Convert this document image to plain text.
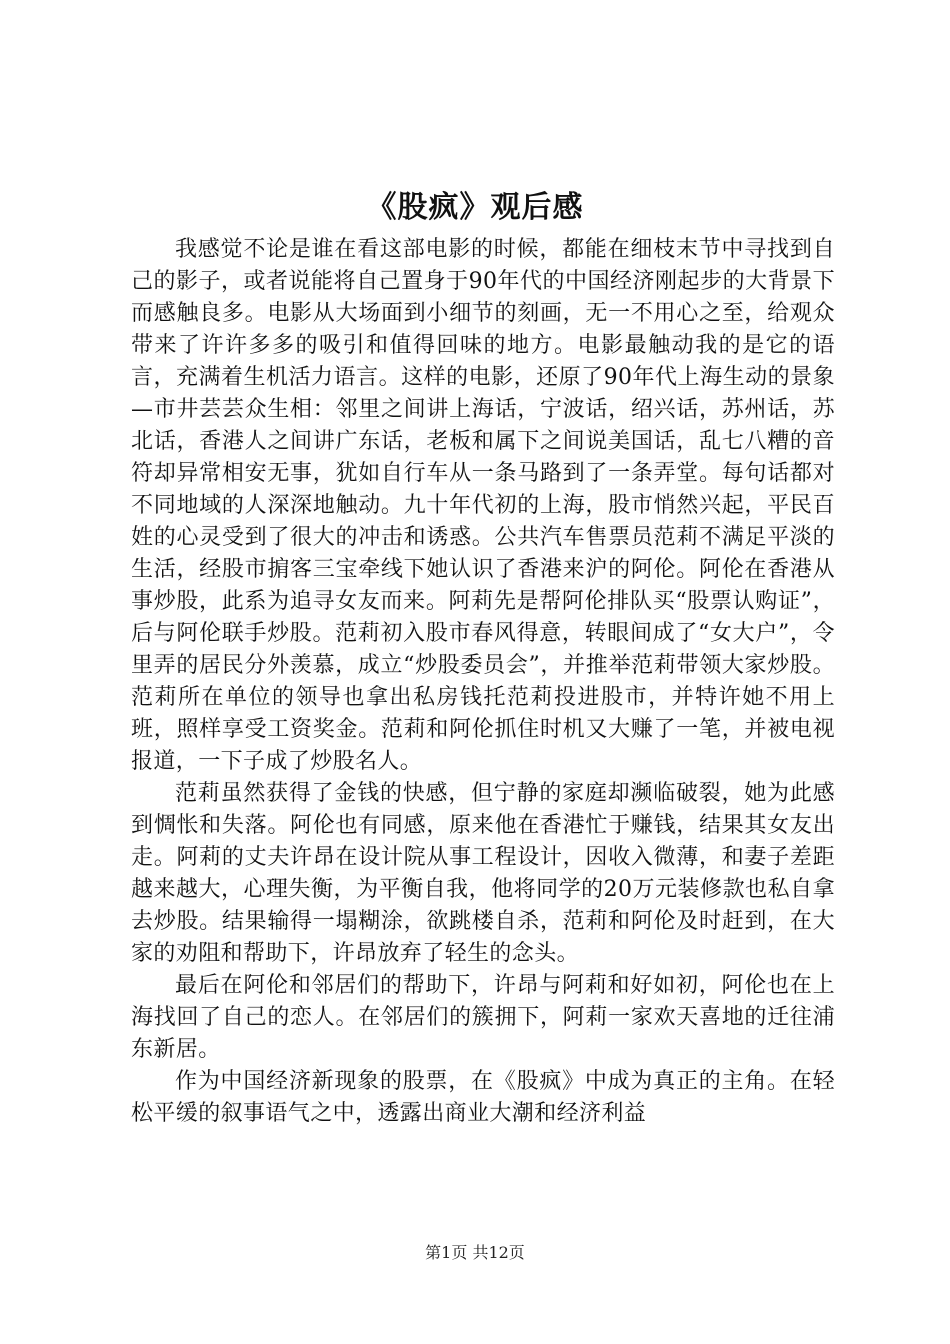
《股疯》观后感

我感觉不论是谁在看这部电影的时候，都能在细枝末节中寻找到自己的影子，或者说能将自己置身于90年代的中国经济刚起步的大背景下而感触良多。电影从大场面到小细节的刻画，无一不用心之至，给观众带来了许许多多的吸引和值得回味的地方。电影最触动我的是它的语言，充满着生机活力语言。这样的电影，还原了90年代上海生动的景象—市井芸芸众生相：邻里之间讲上海话，宁波话，绍兴话，苏州话，苏北话，香港人之间讲广东话，老板和属下之间说美国话，乱七八糟的音符却异常相安无事，犹如自行车从一条马路到了一条弄堂。每句话都对不同地域的人深深地触动。九十年代初的上海，股市悄然兴起，平民百姓的心灵受到了很大的冲击和诱惑。公共汽车售票员范莉不满足平淡的生活，经股市掮客三宝牵线下她认识了香港来沪的阿伦。阿伦在香港从事炒股，此系为追寻女友而来。阿莉先是帮阿伦排队买“股票认购证”，后与阿伦联手炒股。范莉初入股市春风得意，转眼间成了“女大户”，令里弄的居民分外羡慕，成立“炒股委员会”，并推举范莉带领大家炒股。范莉所在单位的领导也拿出私房钱托范莉投进股市，并特许她不用上班，照样享受工资奖金。范莉和阿伦抓住时机又大赚了一笔，并被电视报道，一下子成了炒股名人。

范莉虽然获得了金钱的快感，但宁静的家庭却濒临破裂，她为此感到惆怅和失落。阿伦也有同感，原来他在香港忙于赚钱，结果其女友出走。阿莉的丈夫许昂在设计院从事工程设计，因收入微薄，和妻子差距越来越大，心理失衡，为平衡自我，他将同学的20万元装修款也私自拿去炒股。结果输得一塌糊涂，欲跳楼自杀，范莉和阿伦及时赶到，在大家的劝阻和帮助下，许昂放弃了轻生的念头。

最后在阿伦和邻居们的帮助下，许昂与阿莉和好如初，阿伦也在上海找回了自己的恋人。在邻居们的簇拥下，阿莉一家欢天喜地的迁往浦东新居。

作为中国经济新现象的股票，在《股疯》中成为真正的主角。在轻松平缓的叙事语气之中，透露出商业大潮和经济利益

第1页 共12页
